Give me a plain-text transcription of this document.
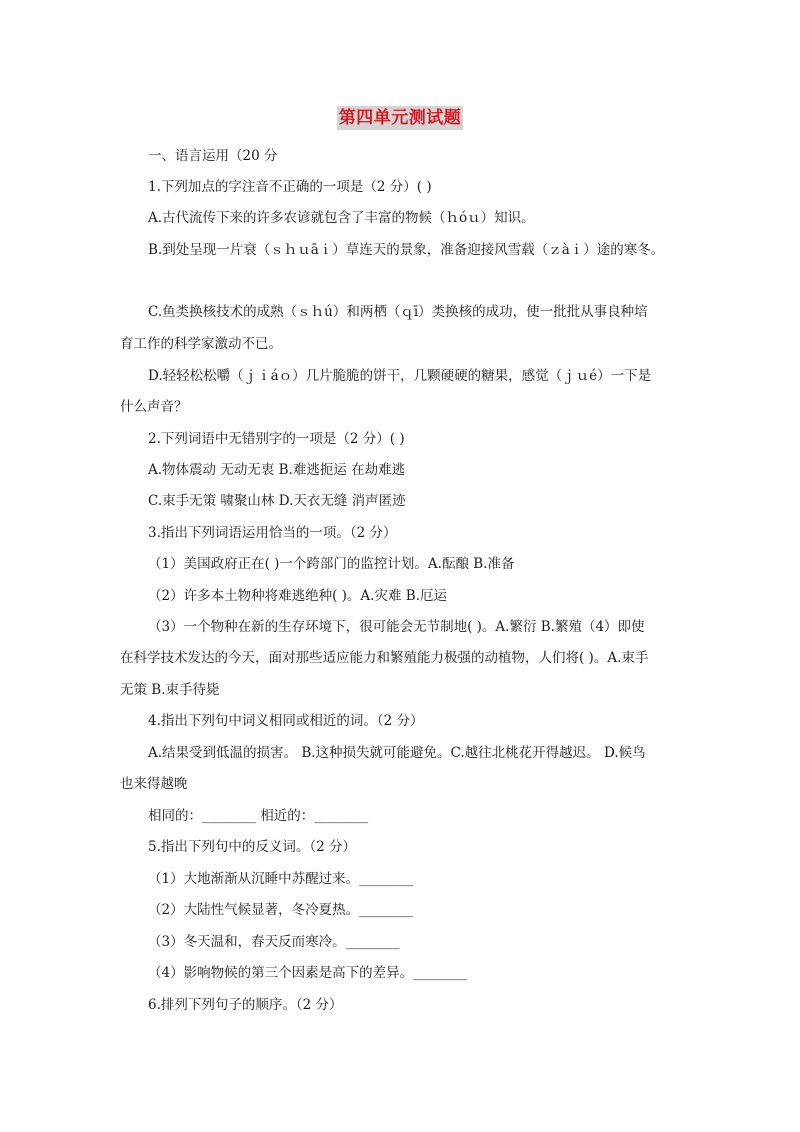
第四单元测试题
一、语言运用（20 分
1.下列加点的字注音不正确的一项是（2 分）( )
A.古代流传下来的许多农谚就包含了丰富的物候（ｈóｕ）知识。
B.到处呈现一片衰（ｓｈｕāｉ）草连天的景象，准备迎接风雪载（ｚàｉ）途的寒冬。
C.鱼类换核技术的成熟（ｓｈú）和两栖（ｑī）类换核的成功，使一批批从事良种培
育工作的科学家激动不已。
D.轻轻松松嚼（ｊｉáｏ）几片脆脆的饼干，几颗硬硬的糖果，感觉（ｊｕé）一下是
什么声音？
2.下列词语中无错别字的一项是（2 分）( )
A.物体震动 无动无衷 B.难逃扼运 在劫难逃
C.束手无策 啸聚山林 D.天衣无缝 消声匿迹
3.指出下列词语运用恰当的一项。（2 分）
（1）美国政府正在( )一个跨部门的监控计划。A.酝酿 B.准备
（2）许多本土物种将难逃绝种( )。A.灾难 B.厄运
（3）一个物种在新的生存环境下，很可能会无节制地( )。A.繁衍 B.繁殖（4）即使
在科学技术发达的今天，面对那些适应能力和繁殖能力极强的动植物，人们将( )。A.束手
无策 B.束手待毙
4.指出下列句中词义相同或相近的词。（2 分）
A.结果受到低温的损害。 B.这种损失就可能避免。C.越往北桃花开得越迟。 D.候鸟
也来得越晚
相同的：________ 相近的：________
5.指出下列句中的反义词。（2 分）
（1）大地渐渐从沉睡中苏醒过来。________
（2）大陆性气候显著，冬冷夏热。________
（3）冬天温和，春天反而寒冷。________
（4）影响物候的第三个因素是高下的差异。________
6.排列下列句子的顺序。（2 分）
